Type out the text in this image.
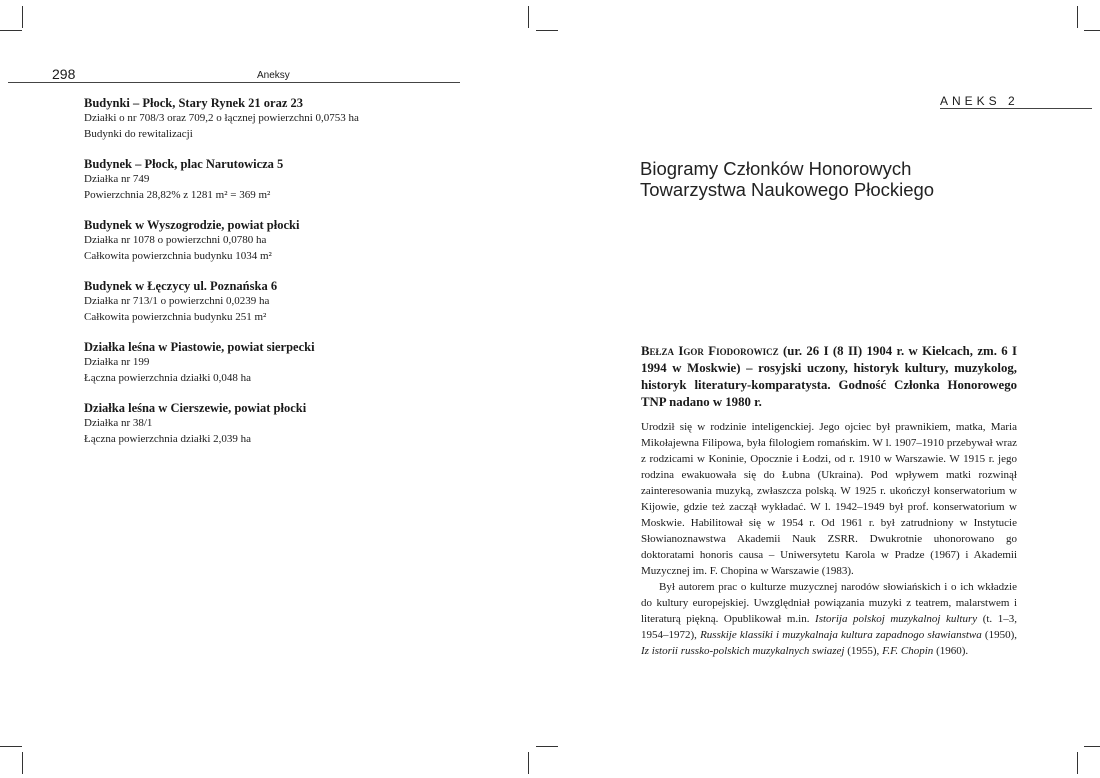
298	Aneksy
Budynki – Płock, Stary Rynek 21 oraz 23
Działki o nr 708/3 oraz 709,2 o łącznej powierzchni 0,0753 ha
Budynki do rewitalizacji
Budynek – Płock, plac Narutowicza 5
Działka nr 749
Powierzchnia 28,82% z 1281 m² = 369 m²
Budynek w Wyszogrodzie, powiat płocki
Działka nr 1078 o powierzchni 0,0780 ha
Całkowita powierzchnia budynku 1034 m²
Budynek w Łęczycy ul. Poznańska 6
Działka nr 713/1 o powierzchni 0,0239 ha
Całkowita powierzchnia budynku 251 m²
Działka leśna w Piastowie, powiat sierpecki
Działka nr 199
Łączna powierzchnia działki 0,048 ha
Działka leśna w Cierszewie, powiat płocki
Działka nr 38/1
Łączna powierzchnia działki 2,039 ha
ANEKS 2
Biogramy Członków Honorowych
Towarzystwa Naukowego Płockiego

Bełza Igor Fiodorowicz (ur. 26 I (8 II) 1904 r. w Kielcach, zm. 6 I 1994 w Moskwie) – rosyjski uczony, historyk kultury, muzykolog, historyk literatury-komparatysta. Godność Członka Honorowego TNP nadano w 1980 r.

Urodził się w rodzinie inteligenckiej. Jego ojciec był prawnikiem, matka, Maria Mikołajewna Filipowa, była filologiem romańskim. W l. 1907–1910 przebywał wraz z rodzicami w Koninie, Opocznie i Łodzi, od r. 1910 w Warszawie. W 1915 r. jego rodzina ewakuowała się do Łubna (Ukraina). Pod wpływem matki rozwinął zainteresowania muzyką, zwłaszcza polską. W 1925 r. ukończył konserwatorium w Kijowie, gdzie też zaczął wykładać. W l. 1942–1949 był prof. konserwatorium w Moskwie. Habilitował się w 1954 r. Od 1961 r. był zatrudniony w Instytucie Słowianoznawstwa Akademii Nauk ZSRR. Dwukrotnie uhonorowano go doktoratami honoris causa – Uniwersytetu Karola w Pradze (1967) i Akademii Muzycznej im. F. Chopina w Warszawie (1983).

Był autorem prac o kulturze muzycznej narodów słowiańskich i o ich wkładzie do kultury europejskiej. Uwzględniał powiązania muzyki z teatrem, malarstwem i literaturą piękną. Opublikował m.in. Istorija polskoj muzykalnoj kultury (t. 1–3, 1954–1972), Russkije klassiki i muzykalnaja kultura zapadnogo sławianstwa (1950), Iz istorii russko-polskich muzykalnych swiazej (1955), F.F. Chopin (1960).
